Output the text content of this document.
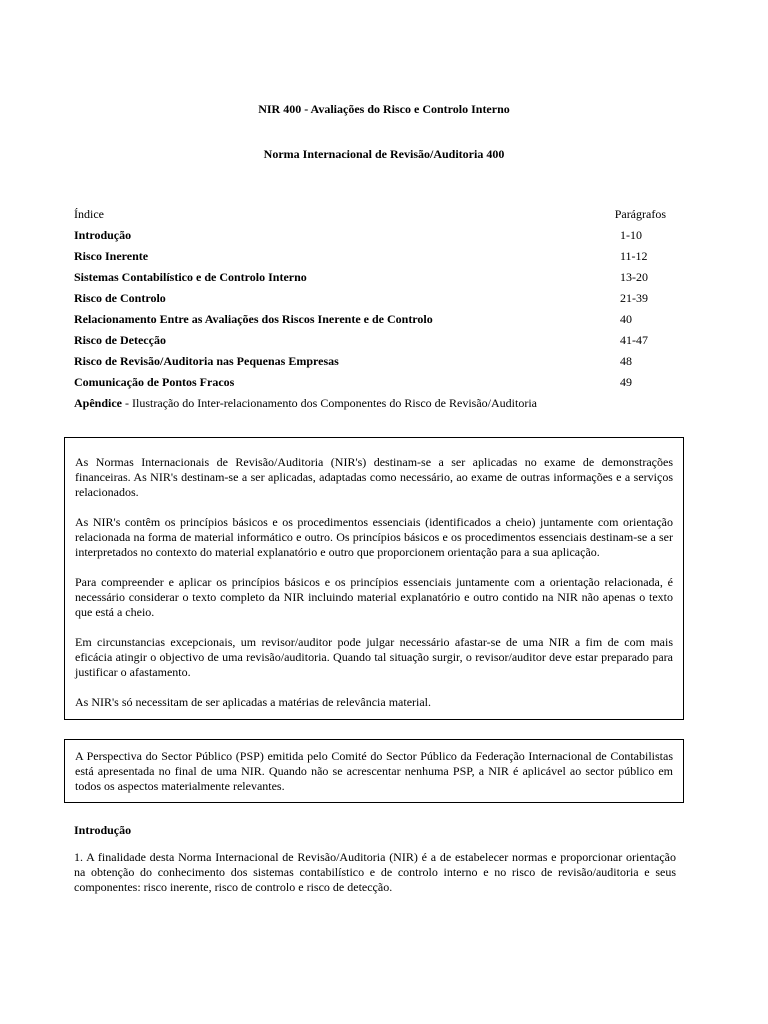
NIR 400 - Avaliações do Risco e Controlo Interno
Norma Internacional de Revisão/Auditoria 400
Índice	Parágrafos
Introdução	1-10
Risco Inerente	11-12
Sistemas Contabilístico e de Controlo Interno	13-20
Risco de Controlo	21-39
Relacionamento Entre as Avaliações dos Riscos Inerente e de Controlo	40
Risco de Detecção	41-47
Risco de Revisão/Auditoria nas Pequenas Empresas	48
Comunicação de Pontos Fracos	49
Apêndice - Ilustração do Inter-relacionamento dos Componentes do Risco de Revisão/Auditoria

As Normas Internacionais de Revisão/Auditoria (NIR's) destinam-se a ser aplicadas no exame de demonstrações financeiras. As NIR's destinam-se a ser aplicadas, adaptadas como necessário, ao exame de outras informações e a serviços relacionados.

As NIR's contêm os princípios básicos e os procedimentos essenciais (identificados a cheio) juntamente com orientação relacionada na forma de material informático e outro. Os princípios básicos e os procedimentos essenciais destinam-se a ser interpretados no contexto do material explanatório e outro que proporcionem orientação para a sua aplicação.

Para compreender e aplicar os princípios básicos e os princípios essenciais juntamente com a orientação relacionada, é necessário considerar o texto completo da NIR incluindo material explanatório e outro contido na NIR não apenas o texto que está a cheio.

Em circunstancias excepcionais, um revisor/auditor pode julgar necessário afastar-se de uma NIR a fim de com mais eficácia atingir o objectivo de uma revisão/auditoria. Quando tal situação surgir, o revisor/auditor deve estar preparado para justificar o afastamento.

As NIR's só necessitam de ser aplicadas a matérias de relevância material.

A Perspectiva do Sector Público (PSP) emitida pelo Comité do Sector Público da Federação Internacional de Contabilistas está apresentada no final de uma NIR. Quando não se acrescentar nenhuma PSP, a NIR é aplicável ao sector público em todos os aspectos materialmente relevantes.

Introdução
1. A finalidade desta Norma Internacional de Revisão/Auditoria (NIR) é a de estabelecer normas e proporcionar orientação na obtenção do conhecimento dos sistemas contabilístico e de controlo interno e no risco de revisão/auditoria e seus componentes: risco inerente, risco de controlo e risco de detecção.
